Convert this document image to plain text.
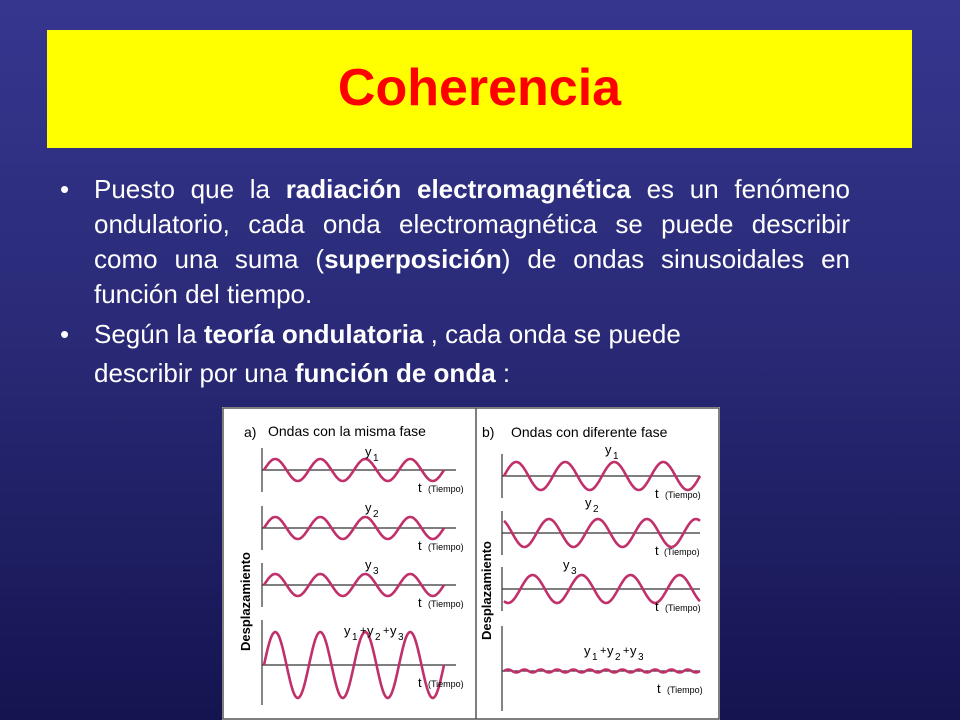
Coherencia
• Puesto que la radiación electromagnética es un fenómeno ondulatorio, cada onda electromagnética se puede describir como una suma (superposición) de ondas sinusoidales en función del tiempo.
• Según la teoría ondulatoria , cada onda se puede
describir por una función de onda :
a) Ondas con la misma fase	b) Ondas con diferente fase
Desplazamiento	Desplazamiento
t (Tiempo)
y 1
t (Tiempo)
y 2
t (Tiempo)
y 3
t (Tiempo)
y 1
+ y 2
+ y 3
t (Tiempo)
y 1
t (Tiempo)
y 2
t (Tiempo)
y 3
t (Tiempo)
y 1
+ y 2
+ y 3
